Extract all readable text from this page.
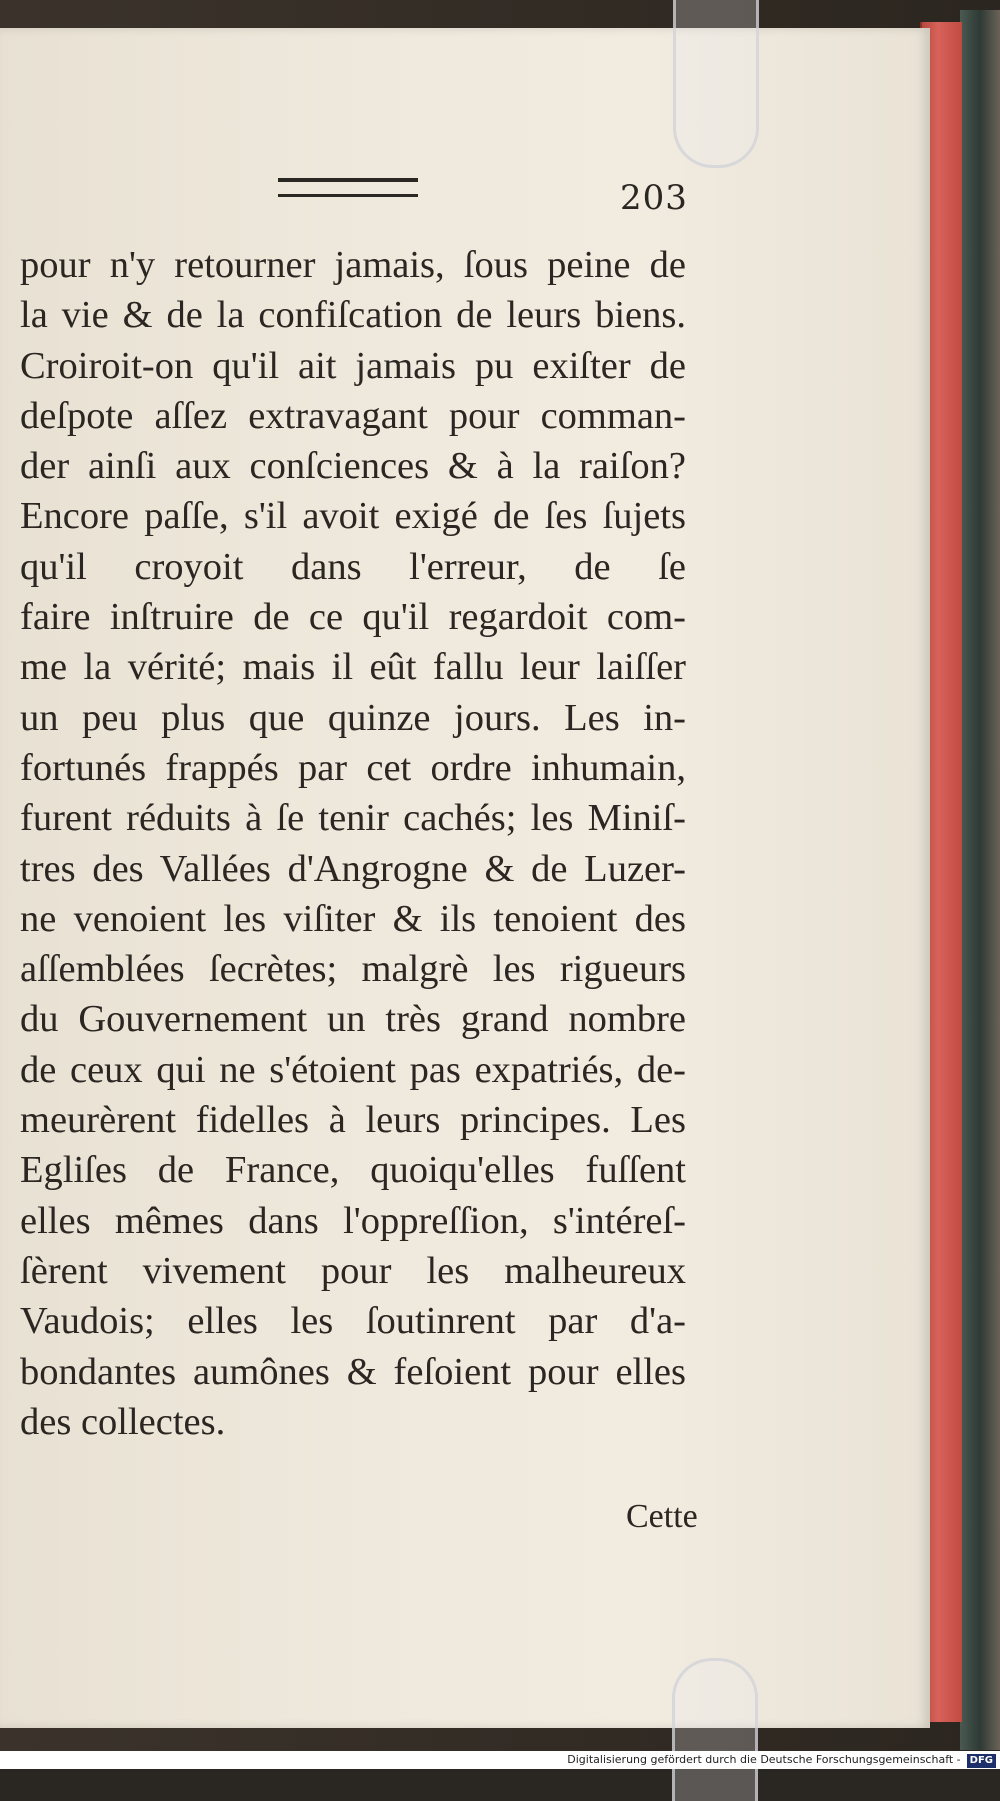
203
pour n'y retourner jamais, ſous peine de
la vie & de la confiſcation de leurs biens.
Croiroit-on qu'il ait jamais pu exiſter de
deſpote aſſez extravagant pour comman-
der ainſi aux conſciences & à la raiſon?
Encore paſſe, s'il avoit exigé de ſes ſujets
qu'il croyoit dans l'erreur, de ſe
faire inſtruire de ce qu'il regardoit com-
me la vérité; mais il eût fallu leur laiſſer
un peu plus que quinze jours. Les in-
fortunés frappés par cet ordre inhumain,
furent réduits à ſe tenir cachés; les Miniſ-
tres des Vallées d'Angrogne & de Luzer-
ne venoient les viſiter & ils tenoient des
aſſemblées ſecrètes; malgrè les rigueurs
du Gouvernement un très grand nombre
de ceux qui ne s'étoient pas expatriés, de-
meurèrent fidelles à leurs principes. Les
Egliſes de France, quoiqu'elles fuſſent
elles mêmes dans l'oppreſſion, s'intéreſ-
ſèrent vivement pour les malheureux
Vaudois; elles les ſoutinrent par d'a-
bondantes aumônes & feſoient pour elles
des collectes.
Cette
Digitalisierung gefördert durch die Deutsche Forschungsgemeinschaft - DFG
